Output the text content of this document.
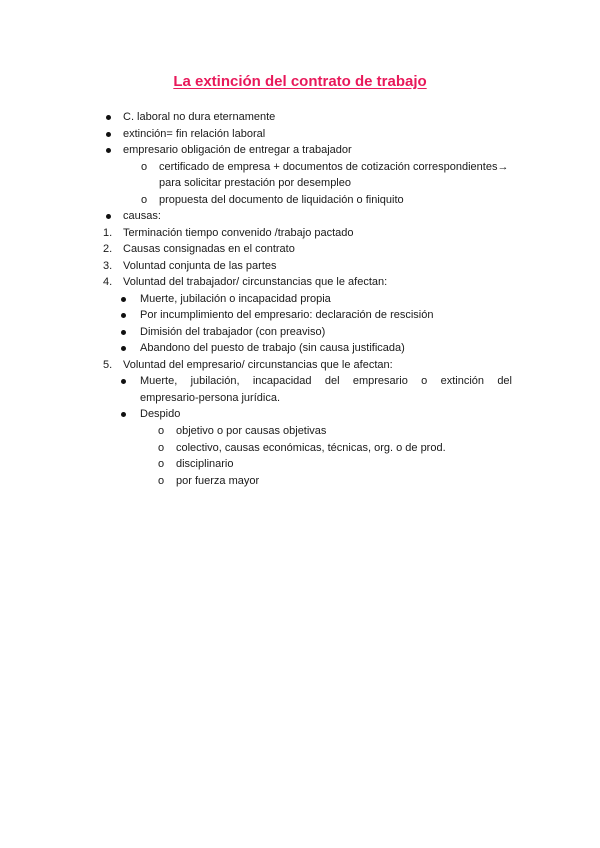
La extinción del contrato de trabajo
C. laboral no dura eternamente
extinción= fin relación laboral
empresario obligación de entregar a trabajador
o certificado de empresa + documentos de cotización correspondientes→
para solicitar prestación por desempleo
o propuesta del documento de liquidación o finiquito
causas:
1. Terminación tiempo convenido /trabajo pactado
2. Causas consignadas en el contrato
3. Voluntad conjunta de las partes
4. Voluntad del trabajador/ circunstancias que le afectan:
Muerte, jubilación o incapacidad propia
Por incumplimiento del empresario: declaración de rescisión
Dimisión del trabajador (con preaviso)
Abandono del puesto de trabajo (sin causa justificada)
5. Voluntad del empresario/ circunstancias que le afectan:
Muerte, jubilación, incapacidad del empresario o extinción del
empresario-persona jurídica.
Despido
o objetivo o por causas objetivas
o colectivo, causas económicas, técnicas, org. o de prod.
o disciplinario
o por fuerza mayor
